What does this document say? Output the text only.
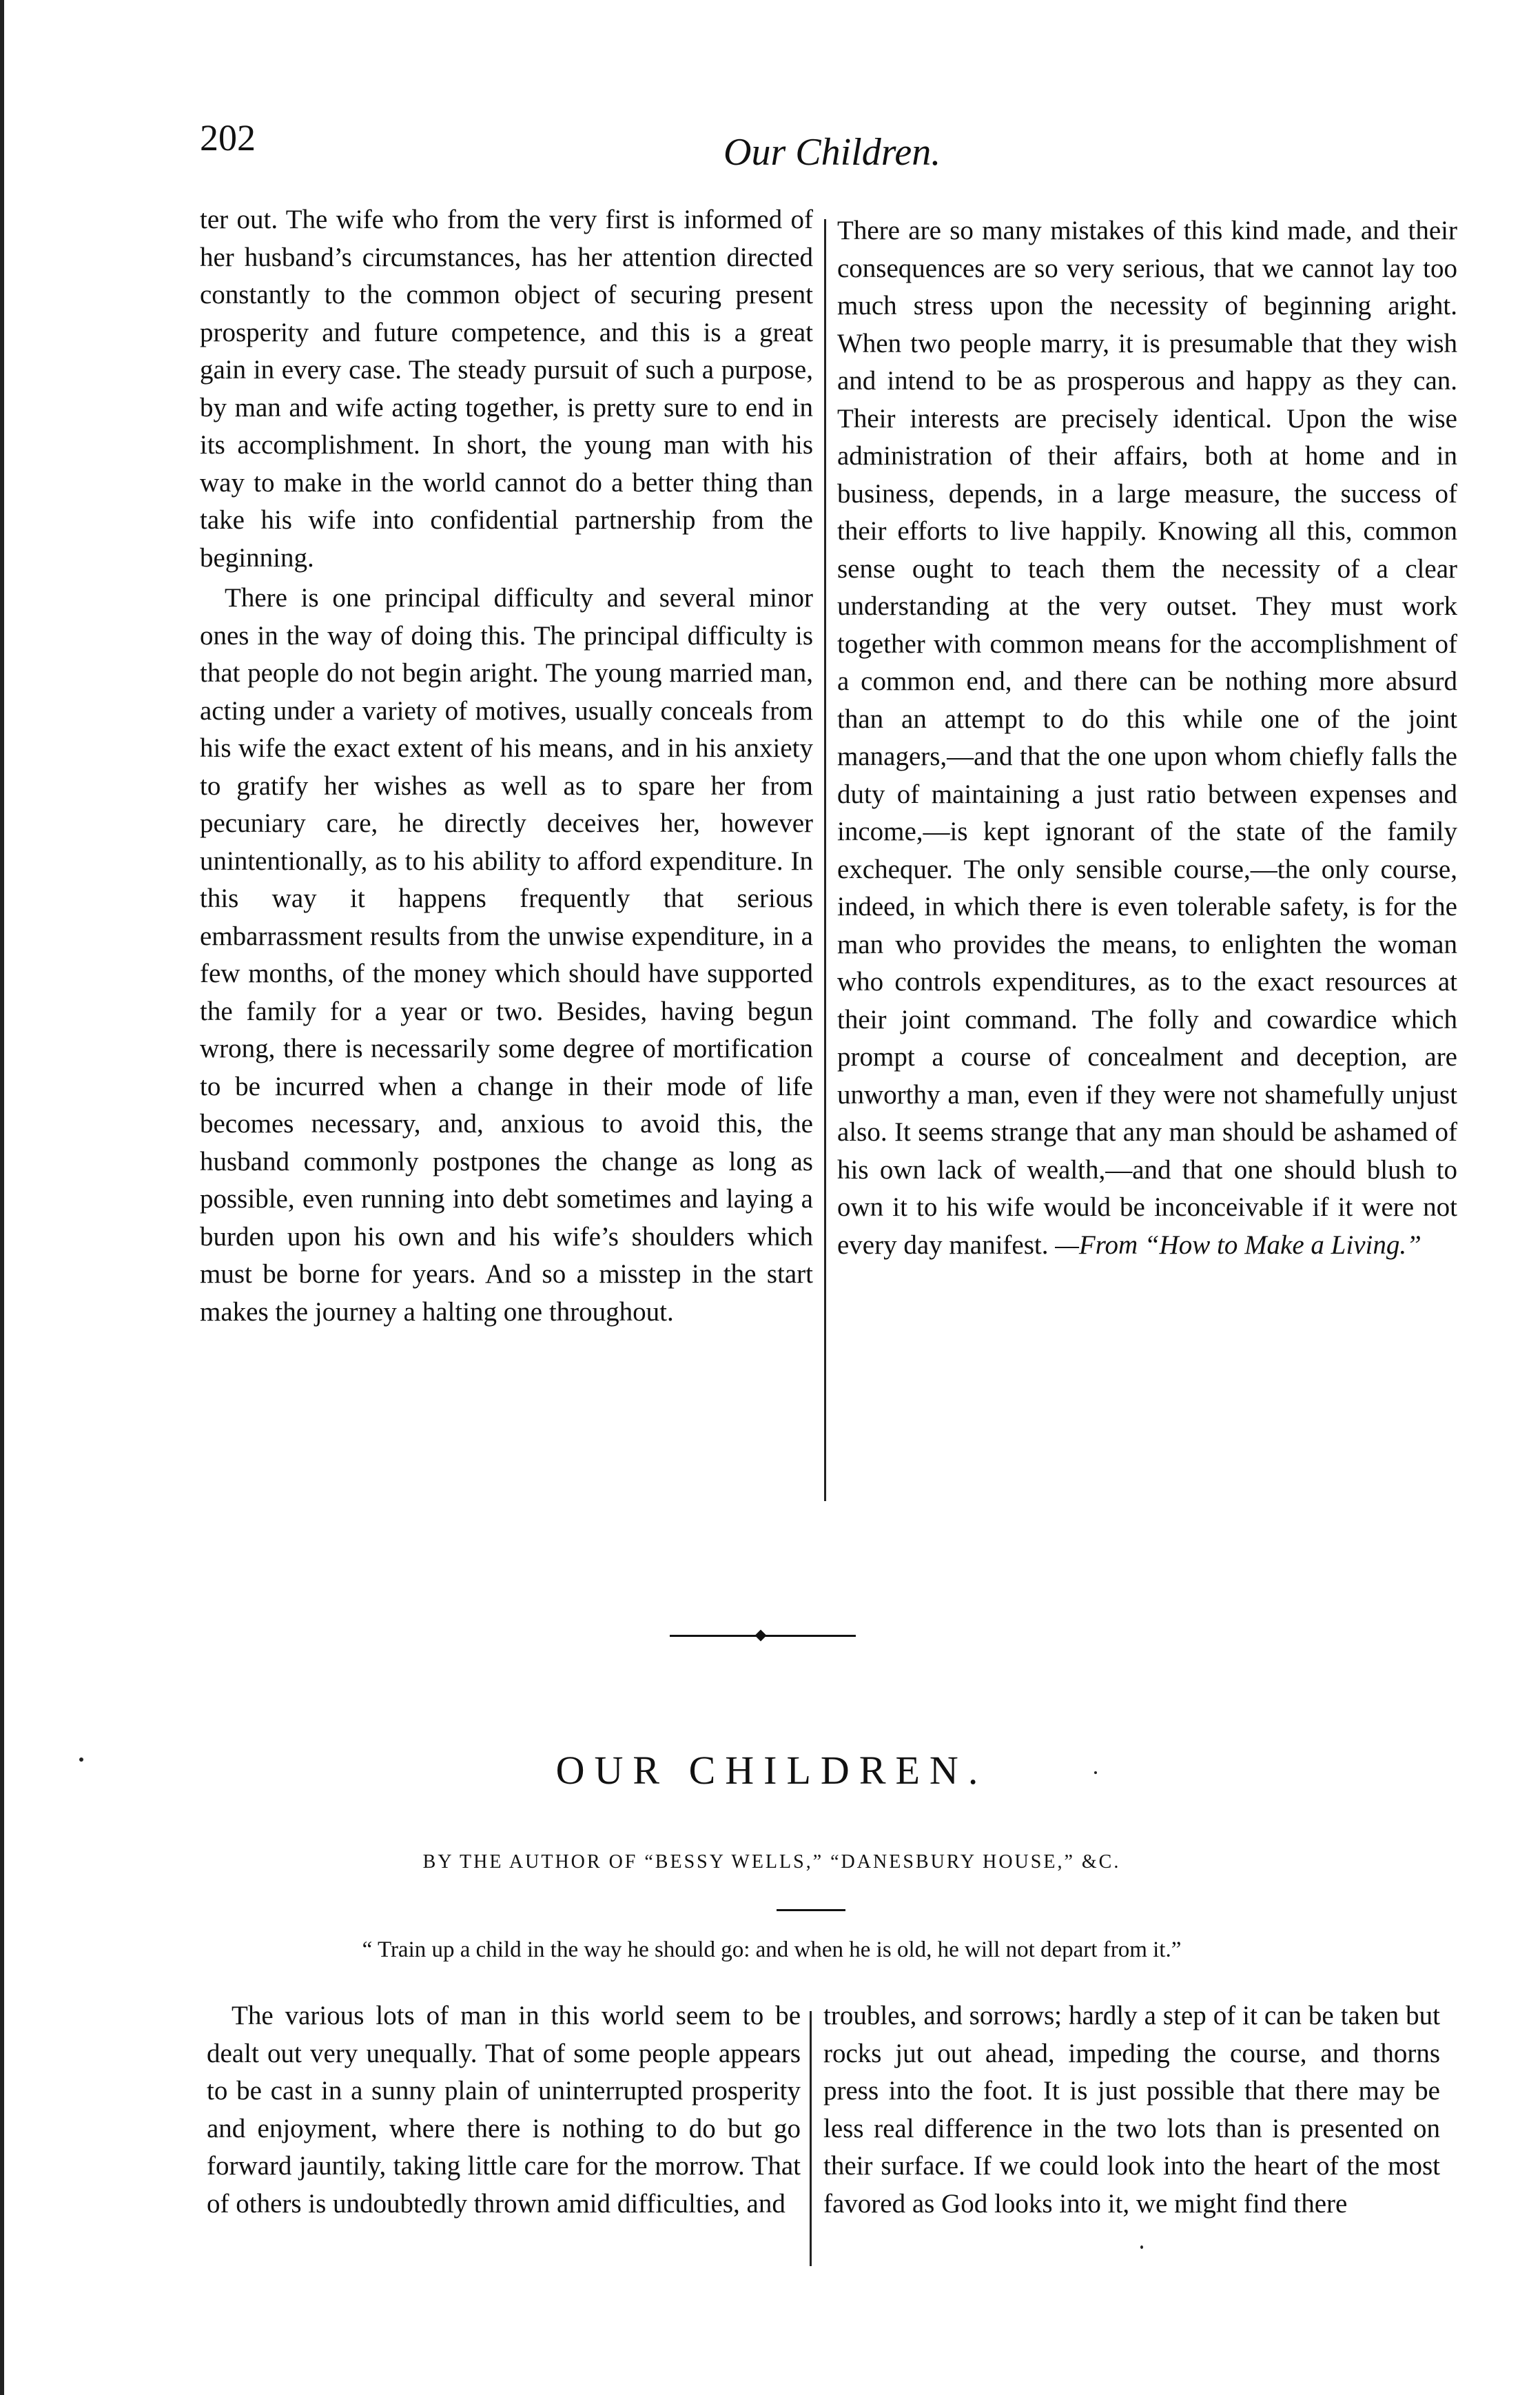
202	Our Children.

ter out. The wife who from the very first is informed of her husband’s circumstances, has her attention directed constantly to the common object of securing present prosperity and future competence, and this is a great gain in every case. The steady pursuit of such a purpose, by man and wife acting together, is pretty sure to end in its accomplishment. In short, the young man with his way to make in the world cannot do a better thing than take his wife into confidential partnership from the beginning.

There is one principal difficulty and several minor ones in the way of doing this. The principal difficulty is that people do not begin aright. The young married man, acting under a variety of motives, usually conceals from his wife the exact extent of his means, and in his anxiety to gratify her wishes as well as to spare her from pecuniary care, he directly deceives her, however unintentionally, as to his ability to afford expenditure. In this way it happens frequently that serious embarrassment results from the unwise expenditure, in a few months, of the money which should have supported the family for a year or two. Besides, having begun wrong, there is necessarily some degree of mortification to be incurred when a change in their mode of life becomes necessary, and, anxious to avoid this, the husband commonly postpones the change as long as possible, even running into debt sometimes and laying a burden upon his own and his wife’s shoulders which must be borne for years. And so a misstep in the start makes the journey a halting one throughout.

There are so many mistakes of this kind made, and their consequences are so very serious, that we cannot lay too much stress upon the necessity of beginning aright. When two people marry, it is presumable that they wish and intend to be as prosperous and happy as they can. Their interests are precisely identical. Upon the wise administration of their affairs, both at home and in business, depends, in a large measure, the success of their efforts to live happily. Knowing all this, common sense ought to teach them the necessity of a clear understanding at the very outset. They must work together with common means for the accomplishment of a common end, and there can be nothing more absurd than an attempt to do this while one of the joint managers,—and that the one upon whom chiefly falls the duty of maintaining a just ratio between expenses and income,—is kept ignorant of the state of the family exchequer. The only sensible course,—the only course, indeed, in which there is even tolerable safety, is for the man who provides the means, to enlighten the woman who controls expenditures, as to the exact resources at their joint command. The folly and cowardice which prompt a course of concealment and deception, are unworthy a man, even if they were not shamefully unjust also. It seems strange that any man should be ashamed of his own lack of wealth,—and that one should blush to own it to his wife would be inconceivable if it were not every day manifest. —From “How to Make a Living.”

OUR CHILDREN.
BY THE AUTHOR OF “BESSY WELLS,” “DANESBURY HOUSE,” &C.
“ Train up a child in the way he should go: and when he is old, he will not depart from it.”

The various lots of man in this world seem to be dealt out very unequally. That of some people appears to be cast in a sunny plain of uninterrupted prosperity and enjoyment, where there is nothing to do but go forward jauntily, taking little care for the morrow. That of others is undoubtedly thrown amid difficulties, and

troubles, and sorrows; hardly a step of it can be taken but rocks jut out ahead, impeding the course, and thorns press into the foot. It is just possible that there may be less real difference in the two lots than is presented on their surface. If we could look into the heart of the most favored as God looks into it, we might find there
